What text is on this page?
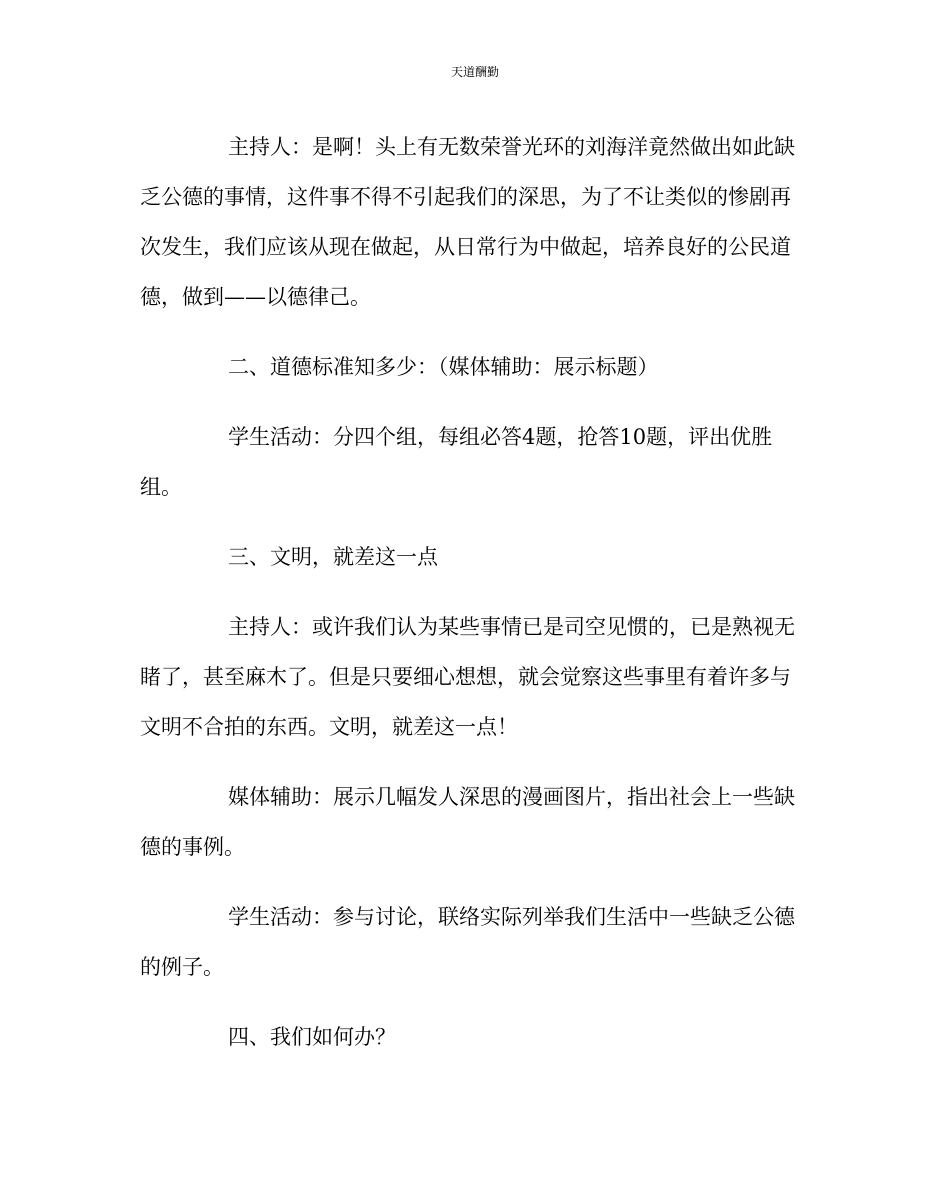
天道酬勤

主持人：是啊！头上有无数荣誉光环的刘海洋竟然做出如此缺乏公德的事情，这件事不得不引起我们的深思，为了不让类似的惨剧再次发生，我们应该从现在做起，从日常行为中做起，培养良好的公民道德，做到——以德律己。

二、道德标准知多少：（媒体辅助：展示标题）

学生活动：分四个组，每组必答4题，抢答10题，评出优胜组。

三、文明，就差这一点

主持人：或许我们认为某些事情已是司空见惯的，已是熟视无睹了，甚至麻木了。但是只要细心想想，就会觉察这些事里有着许多与文明不合拍的东西。文明，就差这一点！

媒体辅助：展示几幅发人深思的漫画图片，指出社会上一些缺德的事例。

学生活动：参与讨论，联络实际列举我们生活中一些缺乏公德的例子。

四、我们如何办？
